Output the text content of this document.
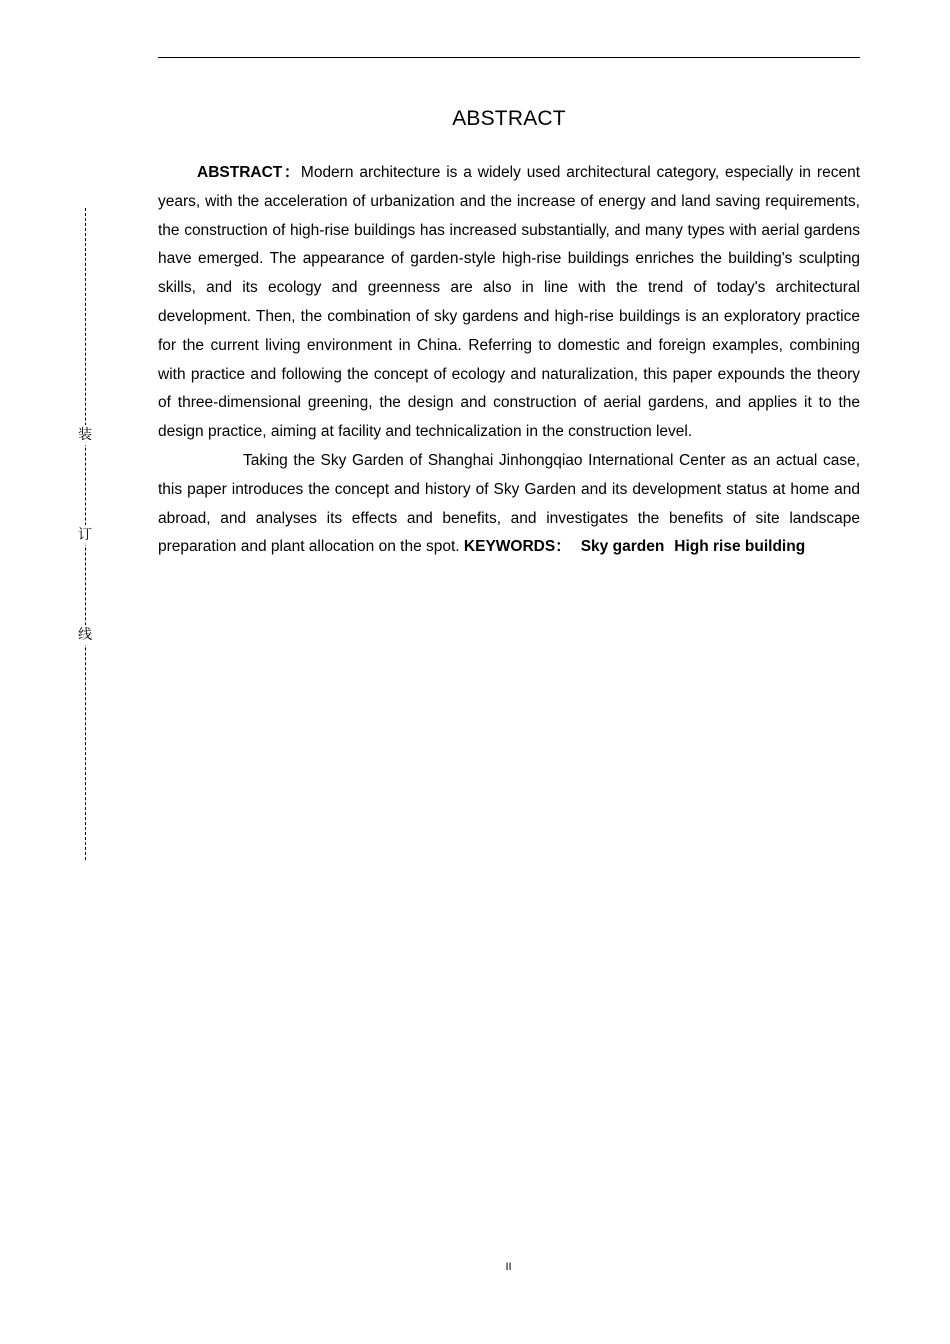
装
订
线
ABSTRACT

ABSTRACT：Modern architecture is a widely used architectural category, especially in recent years, with the acceleration of urbanization and the increase of energy and land saving requirements, the construction of high-rise buildings has increased substantially, and many types with aerial gardens have emerged. The appearance of garden-style high-rise buildings enriches the building's sculpting skills, and its ecology and greenness are also in line with the trend of today's architectural development. Then, the combination of sky gardens and high-rise buildings is an exploratory practice for the current living environment in China. Referring to domestic and foreign examples, combining with practice and following the concept of ecology and naturalization, this paper expounds the theory of three-dimensional greening, the design and construction of aerial gardens, and applies it to the design practice, aiming at facility and technicalization in the construction level.

Taking the Sky Garden of Shanghai Jinhongqiao International Center as an actual case, this paper introduces the concept and history of Sky Garden and its development status at home and abroad, and analyses its effects and benefits, and investigates the benefits of site landscape preparation and plant allocation on the spot. KEYWORDS： Sky garden High rise building

II
